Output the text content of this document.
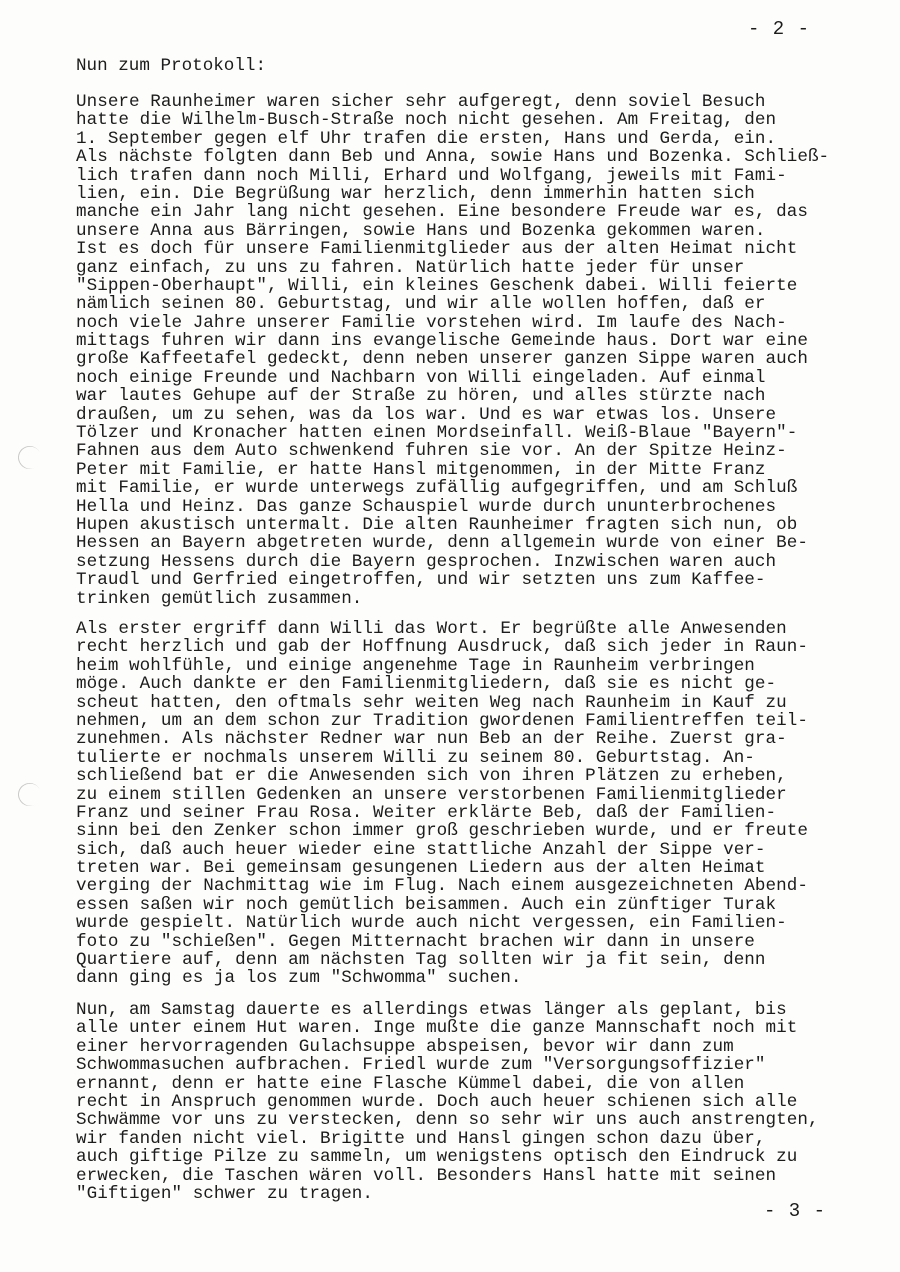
- 2 -
Nun zum Protokoll:
Unsere Raunheimer waren sicher sehr aufgeregt, denn soviel Besuch
hatte die Wilhelm-Busch-Straße noch nicht gesehen. Am Freitag, den
1. September gegen elf Uhr trafen die ersten, Hans und Gerda, ein.
Als nächste folgten dann Beb und Anna, sowie Hans und Bozenka. Schließ-
lich trafen dann noch Milli, Erhard und Wolfgang, jeweils mit Fami-
lien, ein. Die Begrüßung war herzlich, denn immerhin hatten sich
manche ein Jahr lang nicht gesehen. Eine besondere Freude war es, das
unsere Anna aus Bärringen, sowie Hans und Bozenka gekommen waren.
Ist es doch für unsere Familienmitglieder aus der alten Heimat nicht
ganz einfach, zu uns zu fahren. Natürlich hatte jeder für unser
"Sippen-Oberhaupt", Willi, ein kleines Geschenk dabei. Willi feierte
nämlich seinen 80. Geburtstag, und wir alle wollen hoffen, daß er
noch viele Jahre unserer Familie vorstehen wird. Im laufe des Nach-
mittags fuhren wir dann ins evangelische Gemeinde haus. Dort war eine
große Kaffeetafel gedeckt, denn neben unserer ganzen Sippe waren auch
noch einige Freunde und Nachbarn von Willi eingeladen. Auf einmal
war lautes Gehupe auf der Straße zu hören, und alles stürzte nach
draußen, um zu sehen, was da los war. Und es war etwas los. Unsere
Tölzer und Kronacher hatten einen Mordseinfall. Weiß-Blaue "Bayern"-
Fahnen aus dem Auto schwenkend fuhren sie vor. An der Spitze Heinz-
Peter mit Familie, er hatte Hansl mitgenommen, in der Mitte Franz
mit Familie, er wurde unterwegs zufällig aufgegriffen, und am Schluß
Hella und Heinz. Das ganze Schauspiel wurde durch ununterbrochenes
Hupen akustisch untermalt. Die alten Raunheimer fragten sich nun, ob
Hessen an Bayern abgetreten wurde, denn allgemein wurde von einer Be-
setzung Hessens durch die Bayern gesprochen. Inzwischen waren auch
Traudl und Gerfried eingetroffen, und wir setzten uns zum Kaffee-
trinken gemütlich zusammen.
Als erster ergriff dann Willi das Wort. Er begrüßte alle Anwesenden
recht herzlich und gab der Hoffnung Ausdruck, daß sich jeder in Raun-
heim wohlfühle, und einige angenehme Tage in Raunheim verbringen
möge. Auch dankte er den Familienmitgliedern, daß sie es nicht ge-
scheut hatten, den oftmals sehr weiten Weg nach Raunheim in Kauf zu
nehmen, um an dem schon zur Tradition gwordenen Familientreffen teil-
zunehmen. Als nächster Redner war nun Beb an der Reihe. Zuerst gra-
tulierte er nochmals unserem Willi zu seinem 80. Geburtstag. An-
schließend bat er die Anwesenden sich von ihren Plätzen zu erheben,
zu einem stillen Gedenken an unsere verstorbenen Familienmitglieder
Franz und seiner Frau Rosa. Weiter erklärte Beb, daß der Familien-
sinn bei den Zenker schon immer groß geschrieben wurde, und er freute
sich, daß auch heuer wieder eine stattliche Anzahl der Sippe ver-
treten war. Bei gemeinsam gesungenen Liedern aus der alten Heimat
verging der Nachmittag wie im Flug. Nach einem ausgezeichneten Abend-
essen saßen wir noch gemütlich beisammen. Auch ein zünftiger Turak
wurde gespielt. Natürlich wurde auch nicht vergessen, ein Familien-
foto zu "schießen". Gegen Mitternacht brachen wir dann in unsere
Quartiere auf, denn am nächsten Tag sollten wir ja fit sein, denn
dann ging es ja los zum "Schwomma" suchen.
Nun, am Samstag dauerte es allerdings etwas länger als geplant, bis
alle unter einem Hut waren. Inge mußte die ganze Mannschaft noch mit
einer hervorragenden Gulachsuppe abspeisen, bevor wir dann zum
Schwommasuchen aufbrachen. Friedl wurde zum "Versorgungsoffizier"
ernannt, denn er hatte eine Flasche Kümmel dabei, die von allen
recht in Anspruch genommen wurde. Doch auch heuer schienen sich alle
Schwämme vor uns zu verstecken, denn so sehr wir uns auch anstrengten,
wir fanden nicht viel. Brigitte und Hansl gingen schon dazu über,
auch giftige Pilze zu sammeln, um wenigstens optisch den Eindruck zu
erwecken, die Taschen wären voll. Besonders Hansl hatte mit seinen
"Giftigen" schwer zu tragen.
- 3 -
